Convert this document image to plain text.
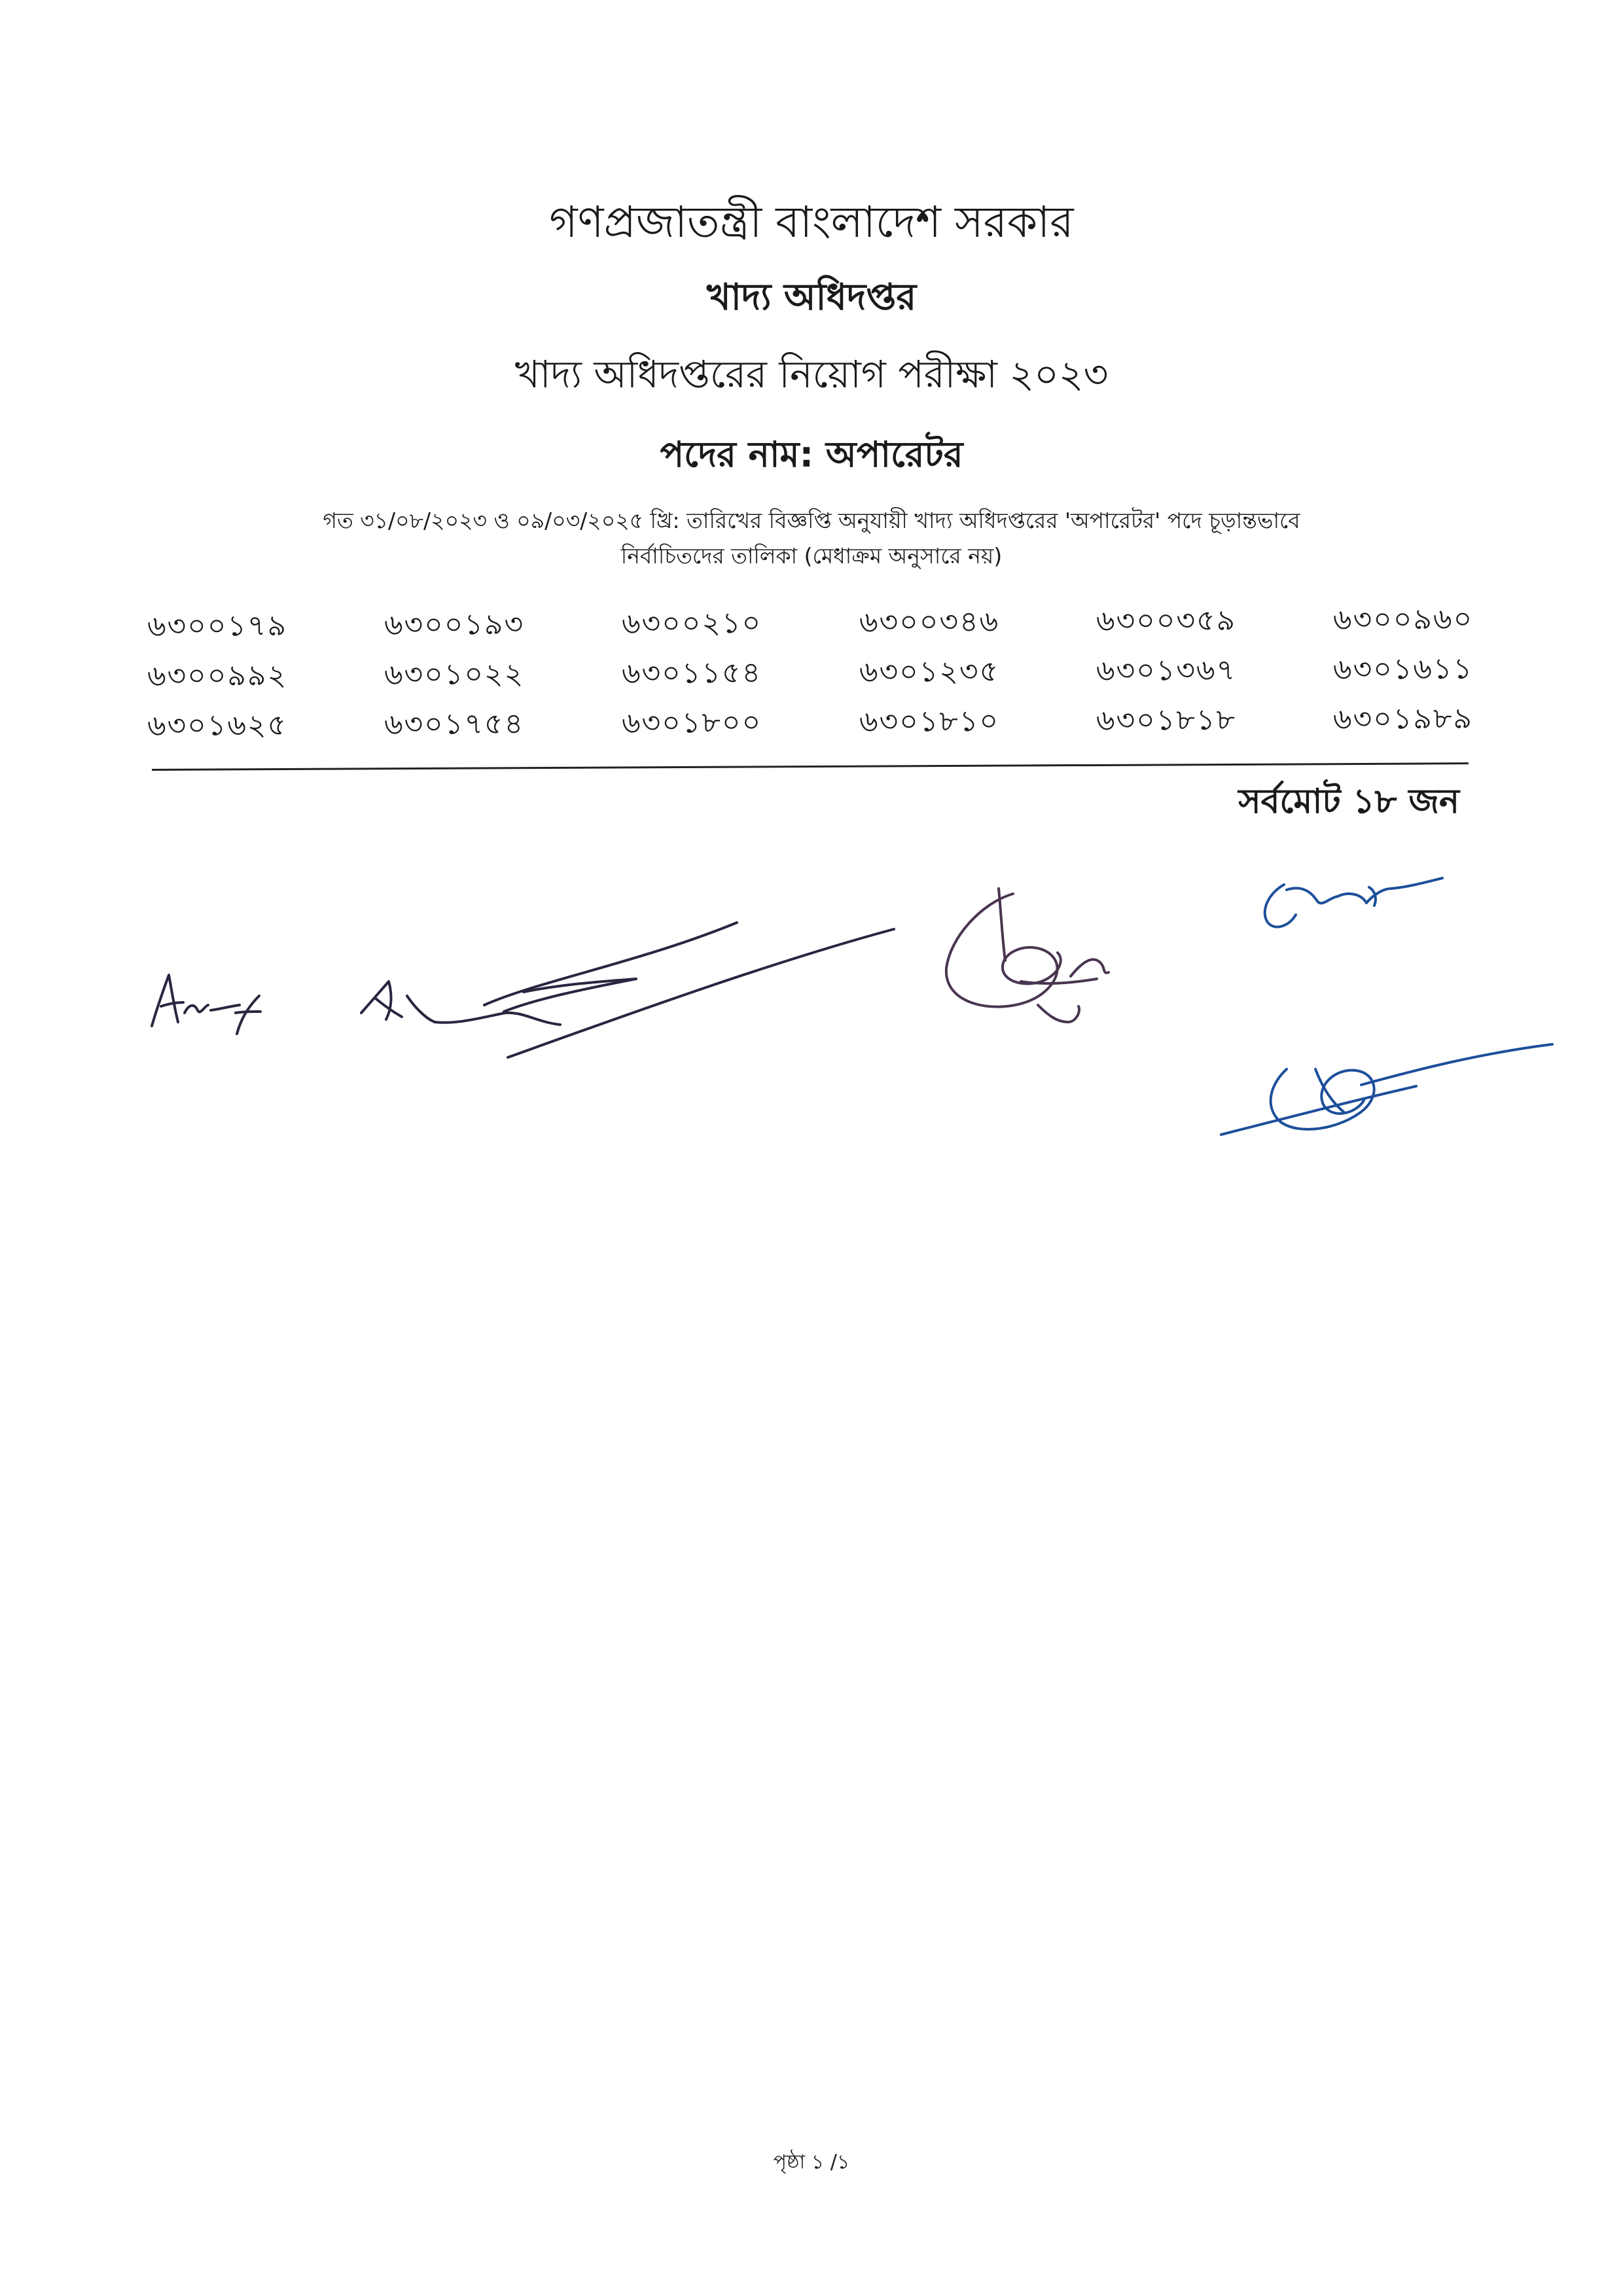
গণপ্রজাতন্ত্রী বাংলাদেশ সরকার
খাদ্য অধিদপ্তর
খাদ্য অধিদপ্তরের নিয়োগ পরীক্ষা ২০২৩
পদের নাম: অপারেটর
গত ৩১/০৮/২০২৩ ও ০৯/০৩/২০২৫ খ্রি: তারিখের বিজ্ঞপ্তি অনুযায়ী খাদ্য অধিদপ্তরের 'অপারেটর' পদে চূড়ান্তভাবে
নির্বাচিতদের তালিকা (মেধাক্রম অনুসারে নয়)
৬৩০০১৭৯	৬৩০০১৯৩	৬৩০০২১০	৬৩০০৩৪৬	৬৩০০৩৫৯	৬৩০০৯৬০
৬৩০০৯৯২	৬৩০১০২২	৬৩০১১৫৪	৬৩০১২৩৫	৬৩০১৩৬৭	৬৩০১৬১১
৬৩০১৬২৫	৬৩০১৭৫৪	৬৩০১৮০০	৬৩০১৮১০	৬৩০১৮১৮	৬৩০১৯৮৯
সর্বমোট ১৮ জন
পৃষ্ঠা ১ /১
